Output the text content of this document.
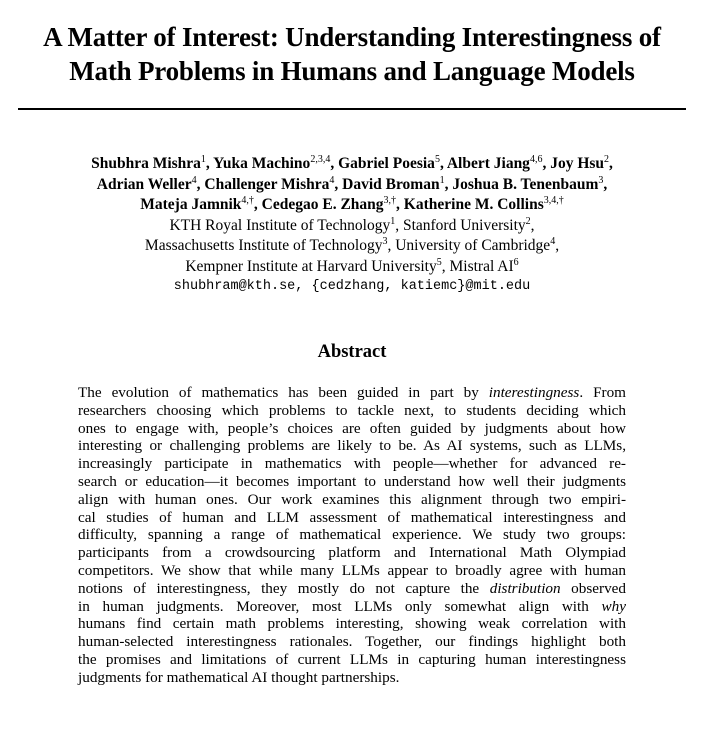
A Matter of Interest: Understanding Interestingness of
Math Problems in Humans and Language Models
Shubhra Mishra$^1$, Yuka Machino$^{2,3,4}$, Gabriel Poesia$^5$, Albert Jiang$^{4,6}$, Joy Hsu$^2$,
Adrian Weller$^4$, Challenger Mishra$^4$, David Broman$^1$, Joshua B. Tenenbaum$^3$,
Mateja Jamnik$^{4,\dagger}$, Cedegao E. Zhang$^{3,\dagger}$, Katherine M. Collins$^{3,4,\dagger}$
KTH Royal Institute of Technology$^1$, Stanford University$^2$,
Massachusetts Institute of Technology$^3$, University of Cambridge$^4$,
Kempner Institute at Harvard University$^5$, Mistral $AI^6$
shubhram@kth.se, {cedzhang, katiemc}@mit.edu
Abstract
The evolution of mathematics has been guided in part by interestingness. From
researchers choosing which problems to tackle next, to students deciding which
ones to engage with, people’s choices are often guided by judgments about how
interesting or challenging problems are likely to be. As AI systems, such as LLMs,
increasingly participate in mathematics with people—whether for advanced re-
search or education—it becomes important to understand how well their judgments
align with human ones. Our work examines this alignment through two empiri-
cal studies of human and LLM assessment of mathematical interestingness and
difficulty, spanning a range of mathematical experience. We study two groups:
participants from a crowdsourcing platform and International Math Olympiad
competitors. We show that while many LLMs appear to broadly agree with human
notions of interestingness, they mostly do not capture the distribution observed
in human judgments. Moreover, most LLMs only somewhat align with why
humans find certain math problems interesting, showing weak correlation with
human-selected interestingness rationales. Together, our findings highlight both
the promises and limitations of current LLMs in capturing human interestingness
judgments for mathematical AI thought partnerships.
